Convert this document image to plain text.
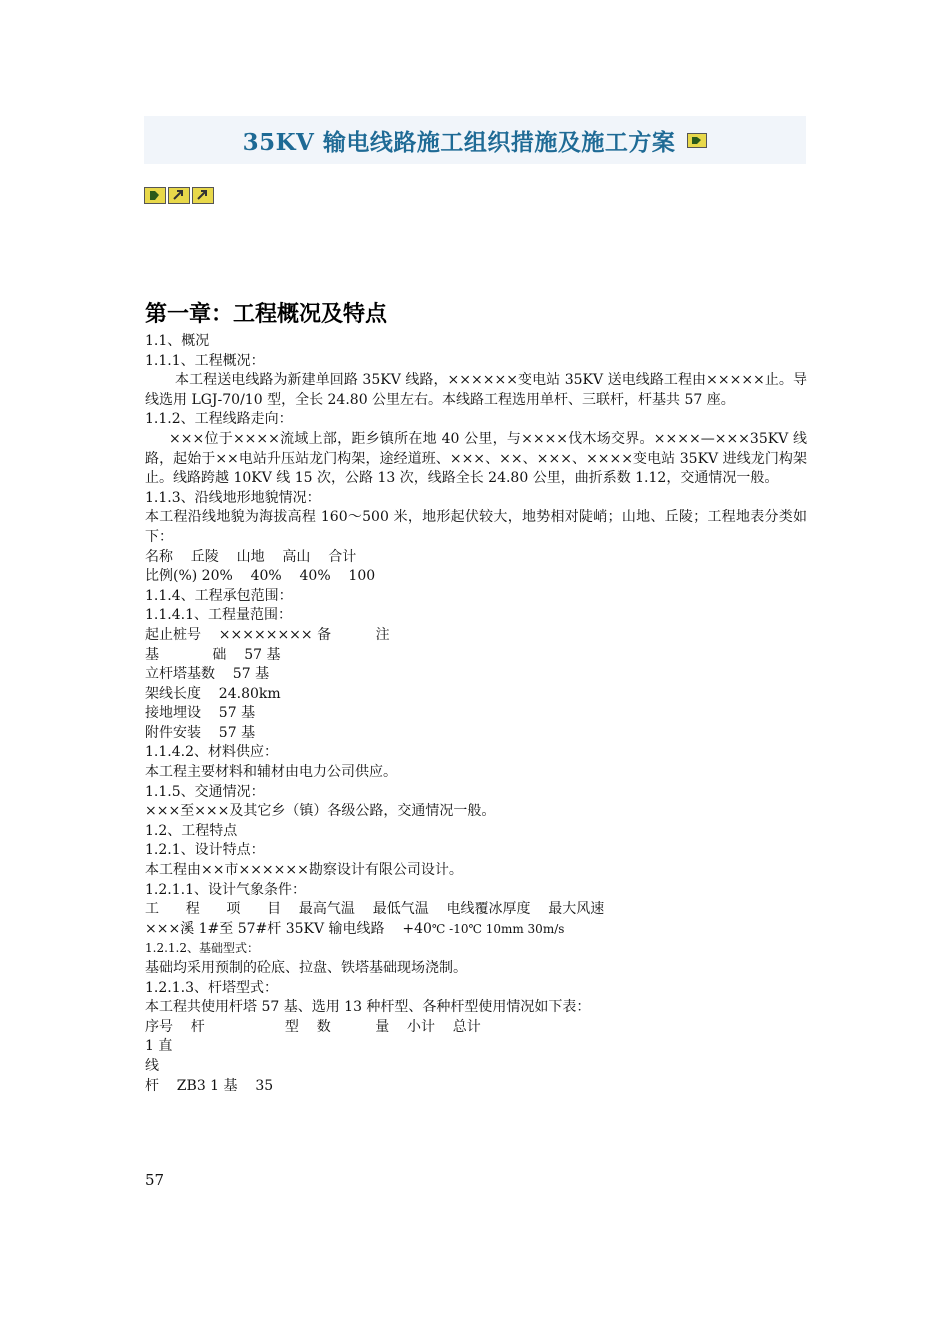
35KV 输电线路施工组织措施及施工方案
第一章：工程概况及特点
1.1、概况
1.1.1、工程概况：
本工程送电线路为新建单回路 35KV 线路，××××××变电站 35KV 送电线路工程由×××××止。导线选用 LGJ-70/10 型，全长 24.80 公里左右。本线路工程选用单杆、三联杆，杆基共 57 座。
1.1.2、工程线路走向：
×××位于××××流域上部，距乡镇所在地 40 公里，与××××伐木场交界。××××—×××35KV 线路，起始于××电站升压站龙门构架，途经道班、×××、××、×××、××××变电站 35KV 进线龙门构架止。线路跨越 10KV 线 15 次，公路 13 次，线路全长 24.80 公里，曲折系数 1.12，交通情况一般。
1.1.3、沿线地形地貌情况：
本工程沿线地貌为海拔高程 160～500 米，地形起伏较大，地势相对陡峭；山地、丘陵；工程地表分类如下：
名称    丘陵    山地    高山    合计
比例(%) 20%    40%    40%    100
1.1.4、工程承包范围：
1.1.4.1、工程量范围：
起止桩号    ×××××××× 备          注
基            础    57 基
立杆塔基数    57 基
架线长度    24.80km
接地埋设    57 基
附件安装    57 基
1.1.4.2、材料供应：
本工程主要材料和辅材由电力公司供应。
1.1.5、交通情况：
×××至×××及其它乡（镇）各级公路，交通情况一般。
1.2、工程特点
1.2.1、设计特点：
本工程由××市××××××勘察设计有限公司设计。
1.2.1.1、设计气象条件：
工      程      项      目    最高气温    最低气温    电线覆冰厚度    最大风速
×××溪 1#至 57#杆 35KV 输电线路    +40℃ -10℃ 10mm 30m/s
1.2.1.2、基础型式：
基础均采用预制的砼底、拉盘、铁塔基础现场浇制。
1.2.1.3、杆塔型式：
本工程共使用杆塔 57 基、选用 13 种杆型、各种杆型使用情况如下表：
序号    杆                  型    数          量    小计    总计
1 直
线
杆    ZB3 1 基    35
57
